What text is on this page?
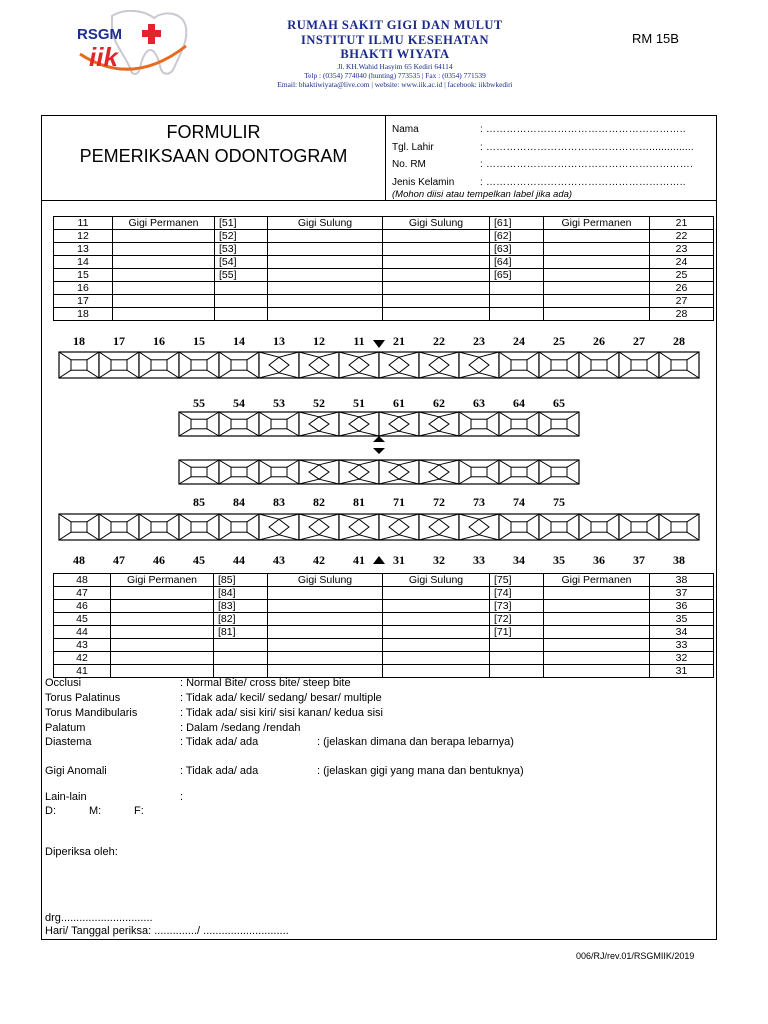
RSGM
iik
RUMAH SAKIT GIGI DAN MULUT
INSTITUT ILMU KESEHATAN
BHAKTI WIYATA
Jl. KH.Wahid Hasyim 65 Kediri 64114
Telp : (0354) 774040 (hunting) 773535 | Fax : (0354) 771539
Email: bhaktiwiyata@live.com | website: www.iik.ac.id | facebook: iikbwkediri
RM 15B
FORMULIR
PEMERIKSAAN ODONTOGRAM
Nama	: …………………………………………………..
Tgl. Lahir	: …………………………………………...............
No. RM	: …………………………………………………….
Jenis Kelamin	: …………………………………………………..
(Mohon diisi atau tempelkan label jika ada)
11	Gigi Permanen	[51]	Gigi Sulung	Gigi Sulung	[61]	Gigi Permanen	21
12		[52]			[62]		22
13		[53]			[63]		23
14		[54]			[64]		24
15		[55]			[65]		25
16							26
17							27
18							28
18 17 16 15 14 13 12 11 21 22 23 24 25 26 27 28
55 54 53 52 51 61 62 63 64 65
85 84 83 82 81 71 72 73 74 75
48 47 46 45 44 43 42 41 31 32 33 34 35 36 37 38
48	Gigi Permanen	[85]	Gigi Sulung	Gigi Sulung	[75]	Gigi Permanen	38
47		[84]			[74]		37
46		[83]			[73]		36
45		[82]			[72]		35
44		[81]			[71]		34
43							33
42							32
41							31
Occlusi	: Normal Bite/ cross bite/ steep bite
Torus Palatinus	: Tidak ada/ kecil/ sedang/ besar/ multiple
Torus Mandibularis	: Tidak ada/ sisi kiri/ sisi kanan/ kedua sisi
Palatum	: Dalam /sedang /rendah
Diastema	: Tidak ada/ ada	: (jelaskan dimana dan berapa lebarnya)
Gigi Anomali	: Tidak ada/ ada	: (jelaskan gigi yang mana dan bentuknya)
Lain-lain	:
D:	M:	F:
Diperiksa oleh:
drg..............................
Hari/ Tanggal periksa: ............../ ............................
006/RJ/rev.01/RSGMIIK/2019
